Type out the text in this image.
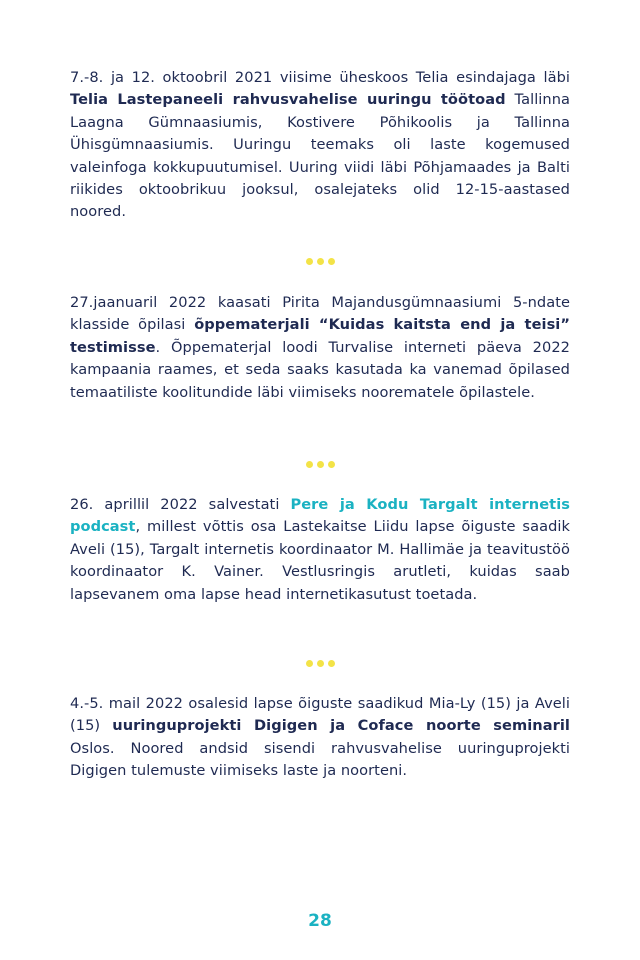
7.-8. ja 12. oktoobril 2021 viisime üheskoos Telia esindajaga läbi Telia Lastepaneeli rahvusvahelise uuringu töötoad Tallinna Laagna Gümnaasiumis, Kostivere Põhikoolis ja Tallinna Ühisgümnaasiumis. Uuringu teemaks oli laste kogemused valeinfoga kokkupuutumisel. Uuring viidi läbi Põhjamaades ja Balti riikides oktoobrikuu jooksul, osalejateks olid 12-15-aastased noored.

27.jaanuaril 2022 kaasati Pirita Majandusgümnaasiumi 5-ndate klasside õpilasi õppematerjali “Kuidas kaitsta end ja teisi” testimisse. Õppematerjal loodi Turvalise interneti päeva 2022 kampaania raames, et seda saaks kasutada ka vanemad õpilased temaatiliste koolitundide läbi viimiseks noorematele õpilastele.

26. aprillil 2022 salvestati Pere ja Kodu Targalt internetis podcast, millest võttis osa Lastekaitse Liidu lapse õiguste saadik Aveli (15), Targalt internetis koordinaator M. Hallimäe ja teavitustöö koordinaator K. Vainer. Vestlusringis arutleti, kuidas saab lapsevanem oma lapse head internetikasutust toetada.

4.-5. mail 2022 osalesid lapse õiguste saadikud Mia-Ly (15) ja Aveli (15) uuringuprojekti Digigen ja Coface noorte seminaril Oslos. Noored andsid sisendi rahvusvahelise uuringuprojekti Digigen tulemuste viimiseks laste ja noorteni.

28
